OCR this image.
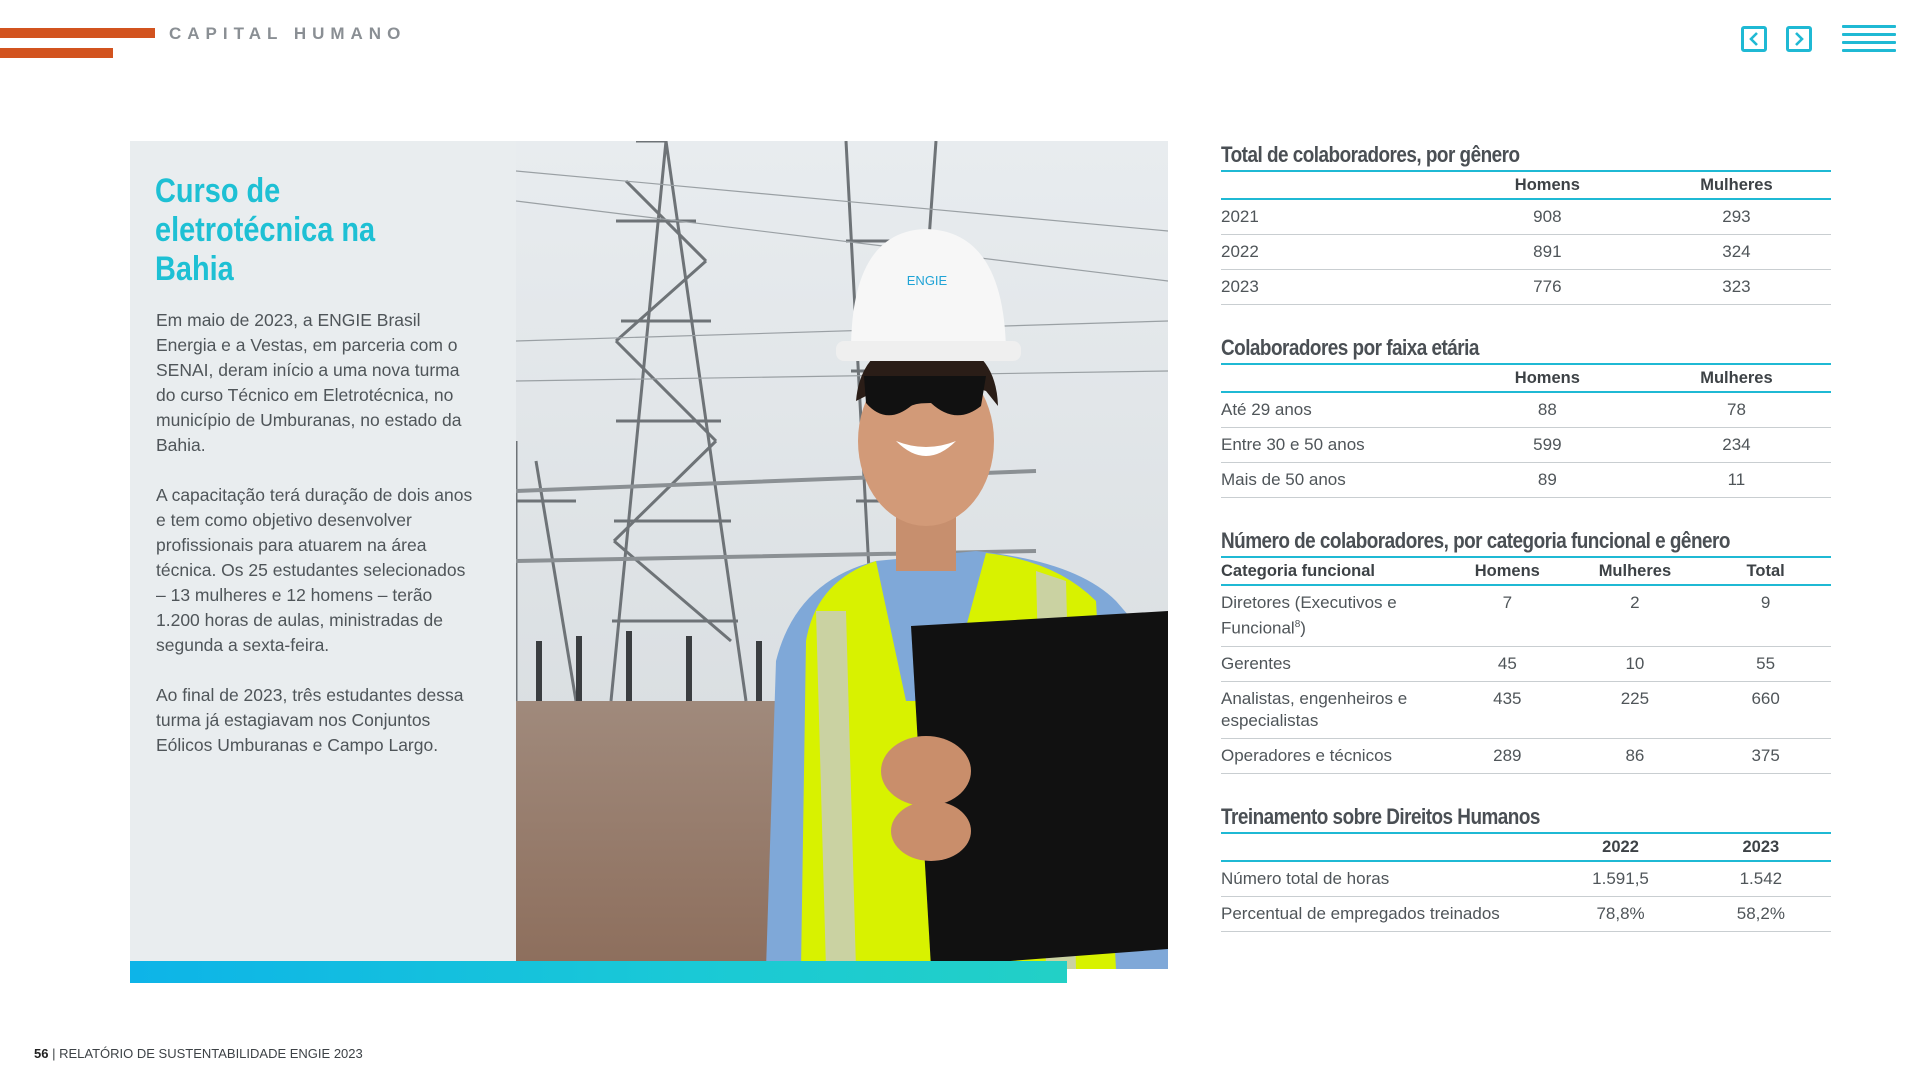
CAPITAL HUMANO
Curso de eletrotécnica na Bahia

Em maio de 2023, a ENGIE Brasil Energia e a Vestas, em parceria com o SENAI, deram início a uma nova turma do curso Técnico em Eletrotécnica, no município de Umburanas, no estado da Bahia.

A capacitação terá duração de dois anos e tem como objetivo desenvolver profissionais para atuarem na área técnica. Os 25 estudantes selecionados – 13 mulheres e 12 homens – terão 1.200 horas de aulas, ministradas de segunda a sexta-feira.

Ao final de 2023, três estudantes dessa turma já estagiavam nos Conjuntos Eólicos Umburanas e Campo Largo.

ENGIE
Total de colaboradores, por gênero
	Homens	Mulheres
2021	908	293
2022	891	324
2023	776	323
Colaboradores por faixa etária
	Homens	Mulheres
Até 29 anos	88	78
Entre 30 e 50 anos	599	234
Mais de 50 anos	89	11
Número de colaboradores, por categoria funcional e gênero
Categoria funcional	Homens	Mulheres	Total
Diretores (Executivos e Funcional$^8$)	7	2	9
Gerentes	45	10	55
Analistas, engenheiros e especialistas	435	225	660
Operadores e técnicos	289	86	375
Treinamento sobre Direitos Humanos
	2022	2023
Número total de horas	1.591,5	1.542
Percentual de empregados treinados	78,8%	58,2%
56 | RELATÓRIO DE SUSTENTABILIDADE ENGIE 2023
